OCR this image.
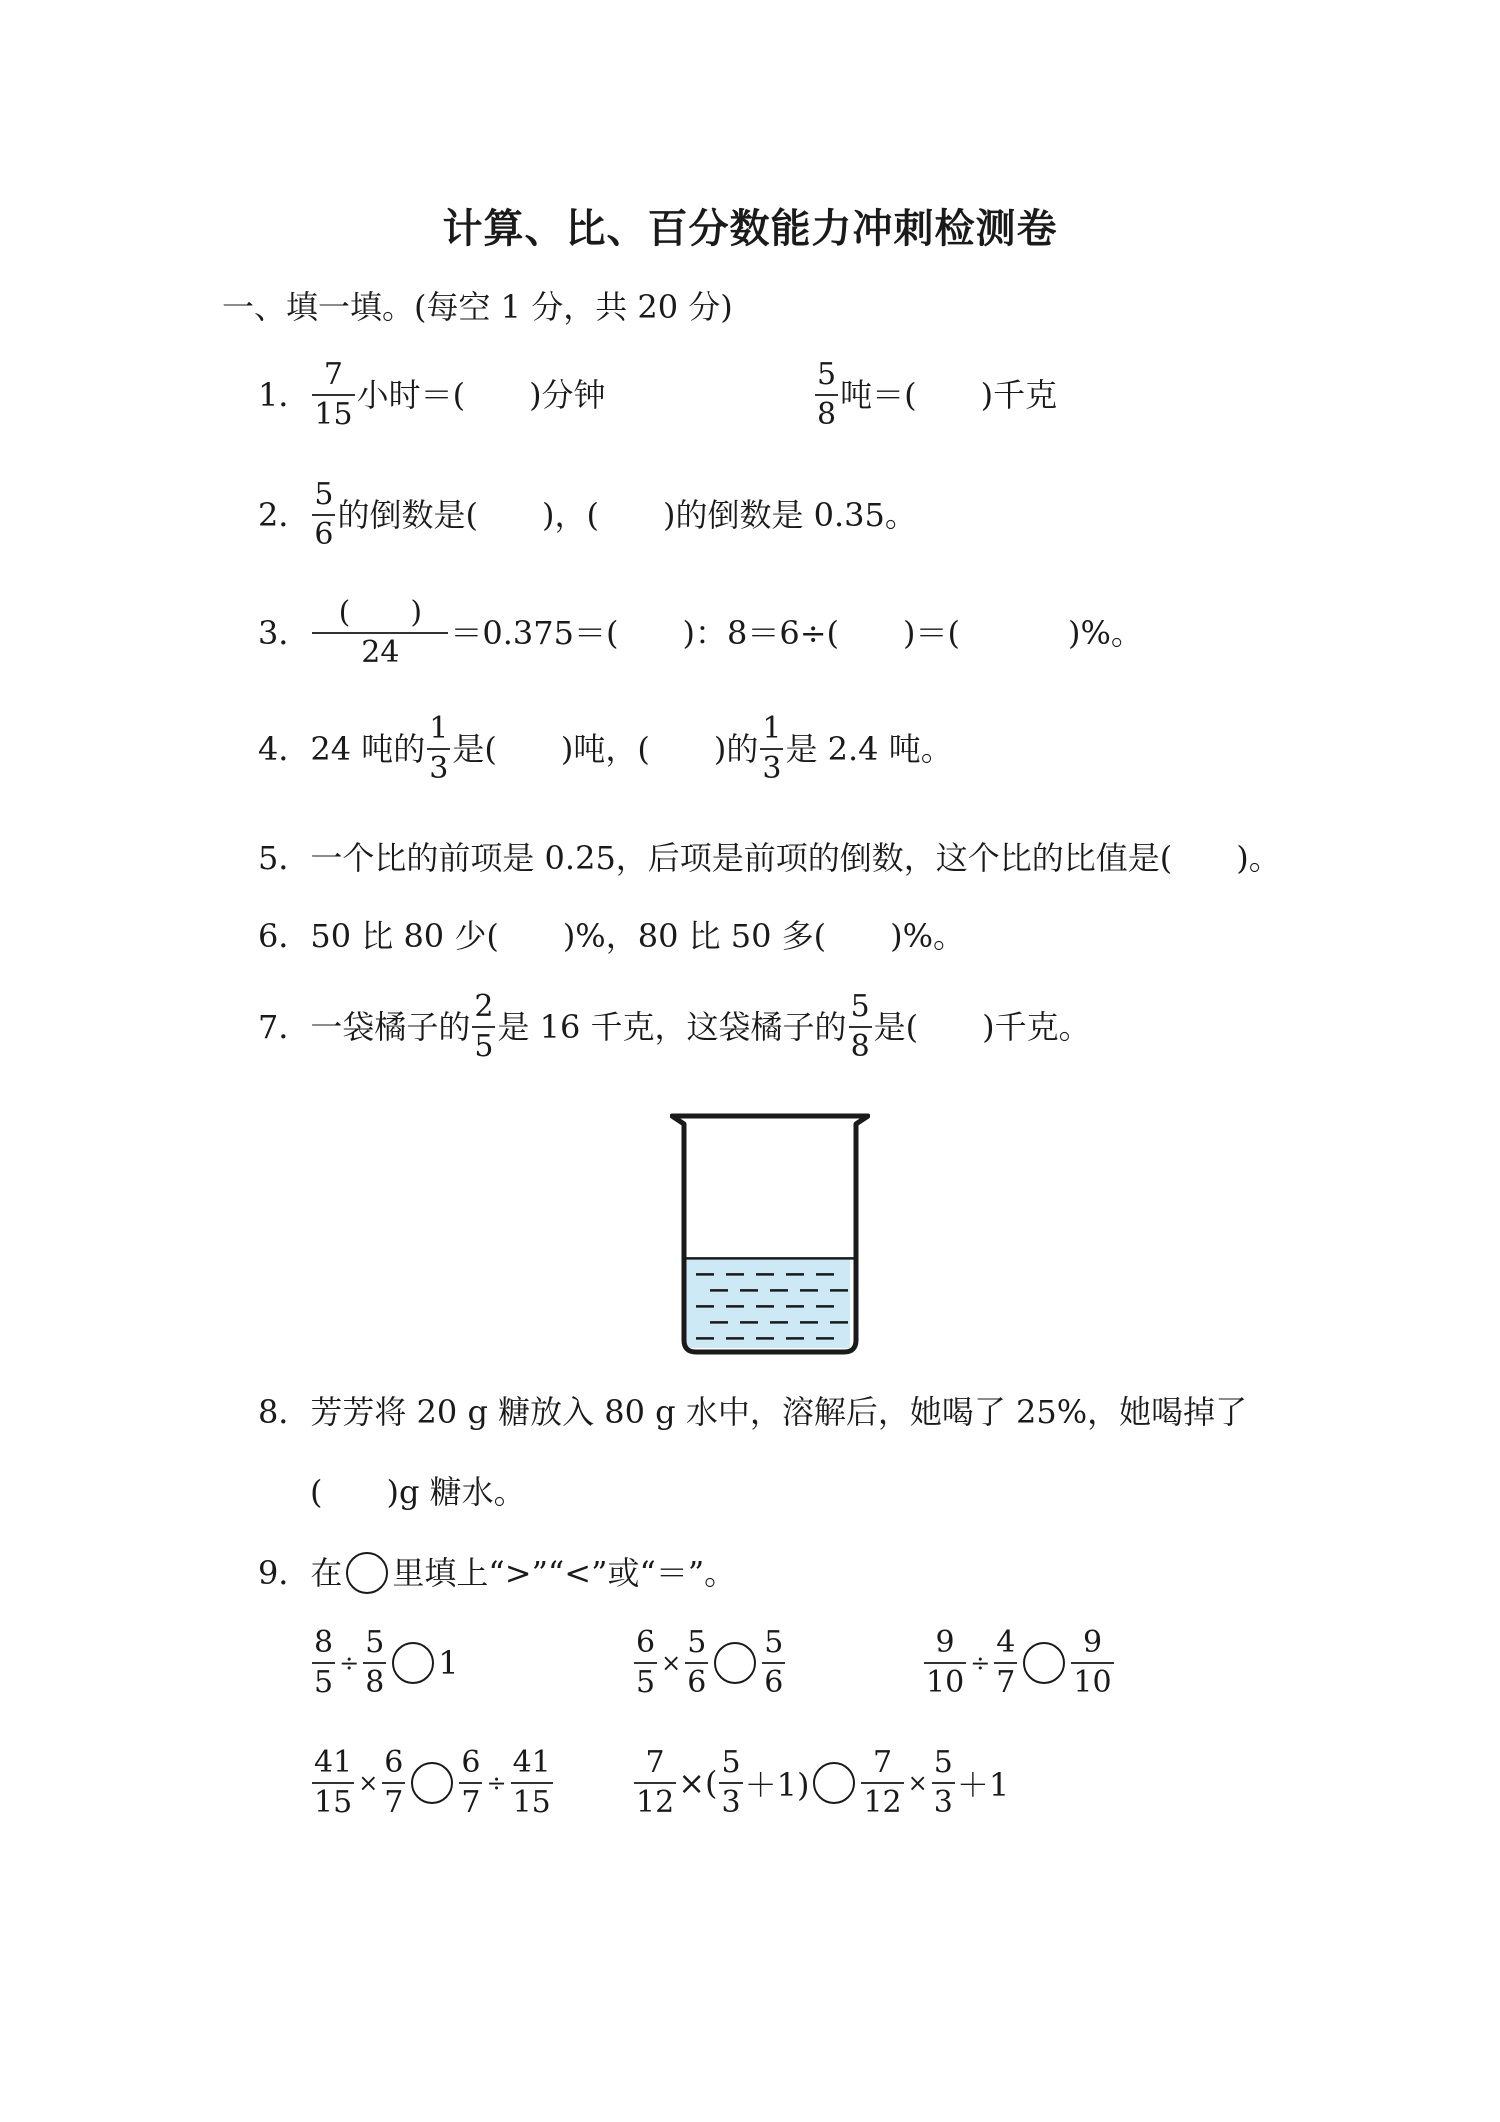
计算、比、百分数能力冲刺检测卷
一、填一填。(每空 1 分，共 20 分)
1． $\frac{7}{15}$ 小时＝( )分钟	$\frac{5}{8}$ 吨＝( )千克
2． $\frac{5}{6}$ 的倒数是( )，( )的倒数是 0.35。
3． $\frac{( )}{24} =0.375=$( )：8＝6÷( )＝(	)%。
4． 24 吨的 $\frac{1}{3}$ 是( )吨，( )的 $\frac{1}{3}$ 是 2.4 吨。
5．一个比的前项是 0.25，后项是前项的倒数，这个比的比值是(　　)。
6．50 比 80 少(　　)%，80 比 50 多(　　)%。
7． 一袋橘子的 $\frac{2}{5}$ 是 16 千克，这袋橘子的 $\frac{5}{8}$ 是(　　)千克。
8．芳芳将 20 g 糖放入 80 g 水中，溶解后，她喝了 25%，她喝掉了
(　　)g 糖水。
9． 在 里填上“>”“<”或“＝”。
$\frac{8}{5} \div \frac{5}{8} 1$	$\frac{6}{5} \times \frac{5}{6} \frac{5}{6}$	$\frac{9}{10} \div \frac{4}{7} \frac{9}{10}$
$\frac{41}{15} \times \frac{6}{7} \frac{6}{7} \div \frac{41}{15}$	$\frac{7}{12}$ ×( $\frac{5}{3} +1) \frac{7}{12} \times \frac{5}{3} +1$
